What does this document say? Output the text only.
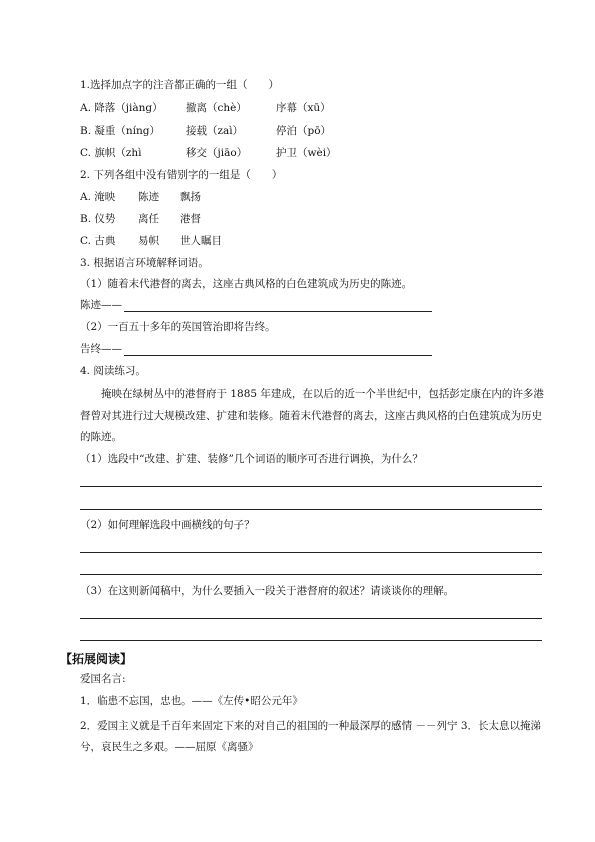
1.选择加点字的注音都正确的一组（　　）
A. 降落（jiàng） 撤离（chè）	序幕（xū）
B. 凝重（níng） 接载（zaì）	停泊（pō）
C. 旗帜（zhì	移交（jiāo）	护卫（wèi）
2. 下列各组中没有错别字的一组是（　　）
A. 淹映 陈迹 飘扬
B. 仪势 离任 港督
C. 古典 易帜 世人瞩目
3. 根据语言环境解释词语。
（1）随着末代港督的离去，这座古典风格的白色建筑成为历史的陈迹。
陈迹——
（2）一百五十多年的英国管治即将告终。
告终——
4. 阅读练习。
掩映在绿树丛中的港督府于 1885 年建成，在以后的近一个半世纪中，包括彭定康在内的许多港督曾对其进行过大规模改建、扩建和装修。随着末代港督的离去，这座古典风格的白色建筑成为历史的陈迹。
（1）选段中“改建、扩建、装修”几个词语的顺序可否进行调换，为什么？
（2）如何理解选段中画横线的句子？
（3）在这则新闻稿中，为什么要插入一段关于港督府的叙述？请谈谈你的理解。
【拓展阅读】
爱国名言:
1．临患不忘国，忠也。——《左传•昭公元年》
2．爱国主义就是千百年来固定下来的对自己的祖国的一种最深厚的感情 －－列宁 3．长太息以掩涕兮，哀民生之多艰。——屈原《离骚》
